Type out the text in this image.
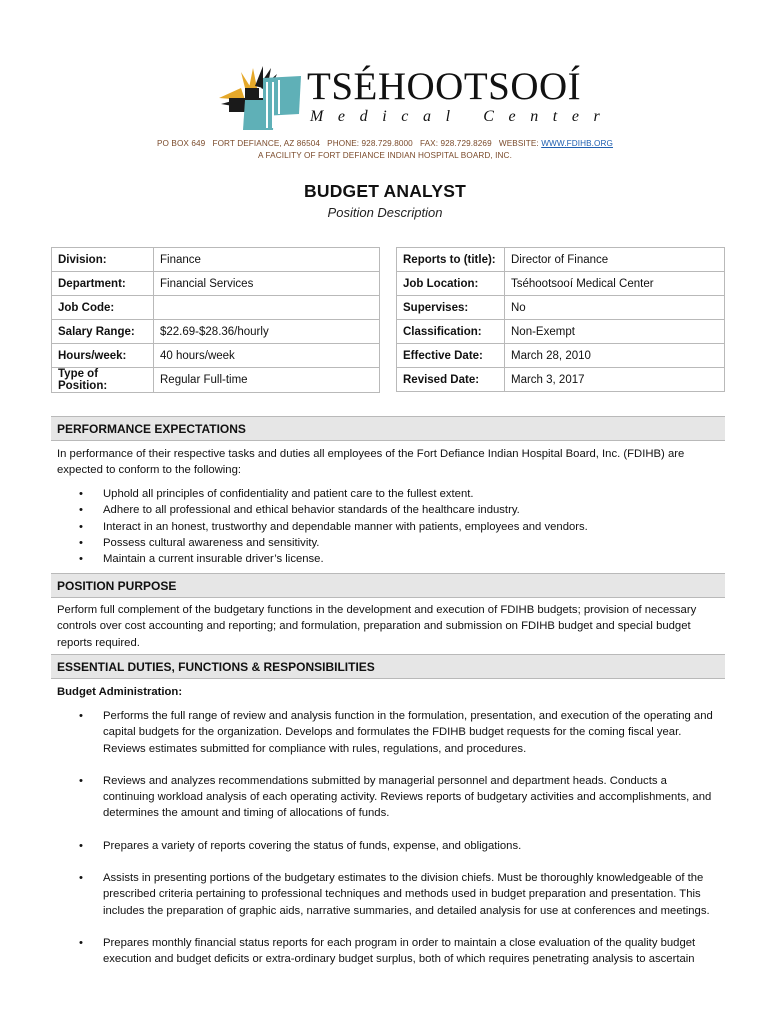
TSÉHOOTSOOÍ
Medical Center
PO BOX 649 FORT DEFIANCE, AZ 86504 PHONE: 928.729.8000 FAX: 928.729.8269 WEBSITE: WWW.FDIHB.ORG
A FACILITY OF FORT DEFIANCE INDIAN HOSPITAL BOARD, INC.
BUDGET ANALYST
Position Description
Division:	Finance
Department:	Financial Services
Job Code:	
Salary Range:	$22.69-$28.36/hourly
Hours/week:	40 hours/week
Type of Position:	Regular Full-time
Reports to (title):	Director of Finance
Job Location:	Tséhootsooí Medical Center
Supervises:	No
Classification:	Non-Exempt
Effective Date:	March 28, 2010
Revised Date:	March 3, 2017
PERFORMANCE EXPECTATIONS
In performance of their respective tasks and duties all employees of the Fort Defiance Indian Hospital Board, Inc. (FDIHB) are expected to conform to the following:
• Uphold all principles of confidentiality and patient care to the fullest extent.
• Adhere to all professional and ethical behavior standards of the healthcare industry.
• Interact in an honest, trustworthy and dependable manner with patients, employees and vendors.
• Possess cultural awareness and sensitivity.
• Maintain a current insurable driver’s license.
POSITION PURPOSE
Perform full complement of the budgetary functions in the development and execution of FDIHB budgets; provision of necessary controls over cost accounting and reporting; and formulation, preparation and submission on FDIHB budget and special budget reports required.
ESSENTIAL DUTIES, FUNCTIONS & RESPONSIBILITIES
Budget Administration:
• Performs the full range of review and analysis function in the formulation, presentation, and execution of the operating and capital budgets for the organization. Develops and formulates the FDIHB budget requests for the coming fiscal year. Reviews estimates submitted for compliance with rules, regulations, and procedures.
• Reviews and analyzes recommendations submitted by managerial personnel and department heads. Conducts a continuing workload analysis of each operating activity. Reviews reports of budgetary activities and accomplishments, and determines the amount and timing of allocations of funds.
• Prepares a variety of reports covering the status of funds, expense, and obligations.
• Assists in presenting portions of the budgetary estimates to the division chiefs. Must be thoroughly knowledgeable of the prescribed criteria pertaining to professional techniques and methods used in budget preparation and presentation. This includes the preparation of graphic aids, narrative summaries, and detailed analysis for use at conferences and meetings.
• Prepares monthly financial status reports for each program in order to maintain a close evaluation of the quality budget execution and budget deficits or extra-ordinary budget surplus, both of which requires penetrating analysis to ascertain
